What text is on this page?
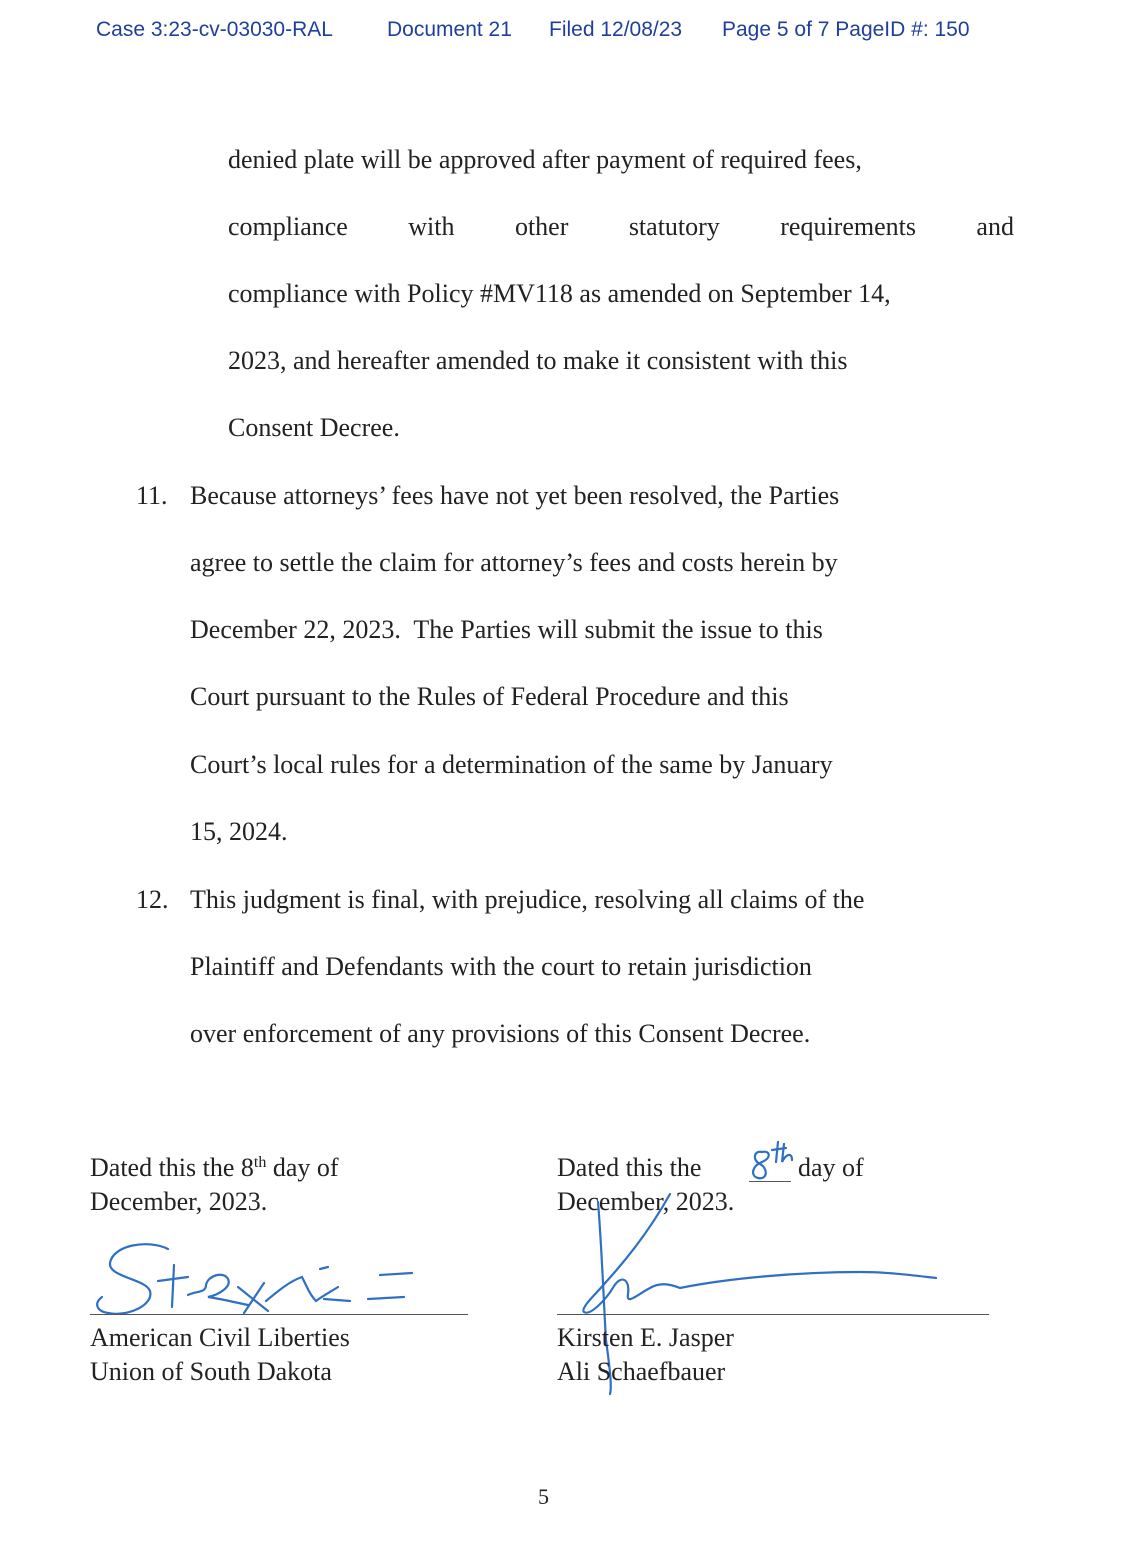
Case 3:23-cv-03030-RAL	Document 21 Filed 12/08/23 Page 5 of 7 PageID #: 150
denied plate will be approved after payment of required fees,
compliance with other statutory requirements and
compliance with Policy #MV118 as amended on September 14,
2023, and hereafter amended to make it consistent with this
Consent Decree.
11. Because attorneys’ fees have not yet been resolved, the Parties
agree to settle the claim for attorney’s fees and costs herein by
December 22, 2023.  The Parties will submit the issue to this
Court pursuant to the Rules of Federal Procedure and this
Court’s local rules for a determination of the same by January
15, 2024.
12. This judgment is final, with prejudice, resolving all claims of the
Plaintiff and Defendants with the court to retain jurisdiction
over enforcement of any provisions of this Consent Decree.
Dated this the 8th day of
December, 2023.
American Civil Liberties
Union of South Dakota
Dated this the	day of
December, 2023.
Kirsten E. Jasper
Ali Schaefbauer
5
